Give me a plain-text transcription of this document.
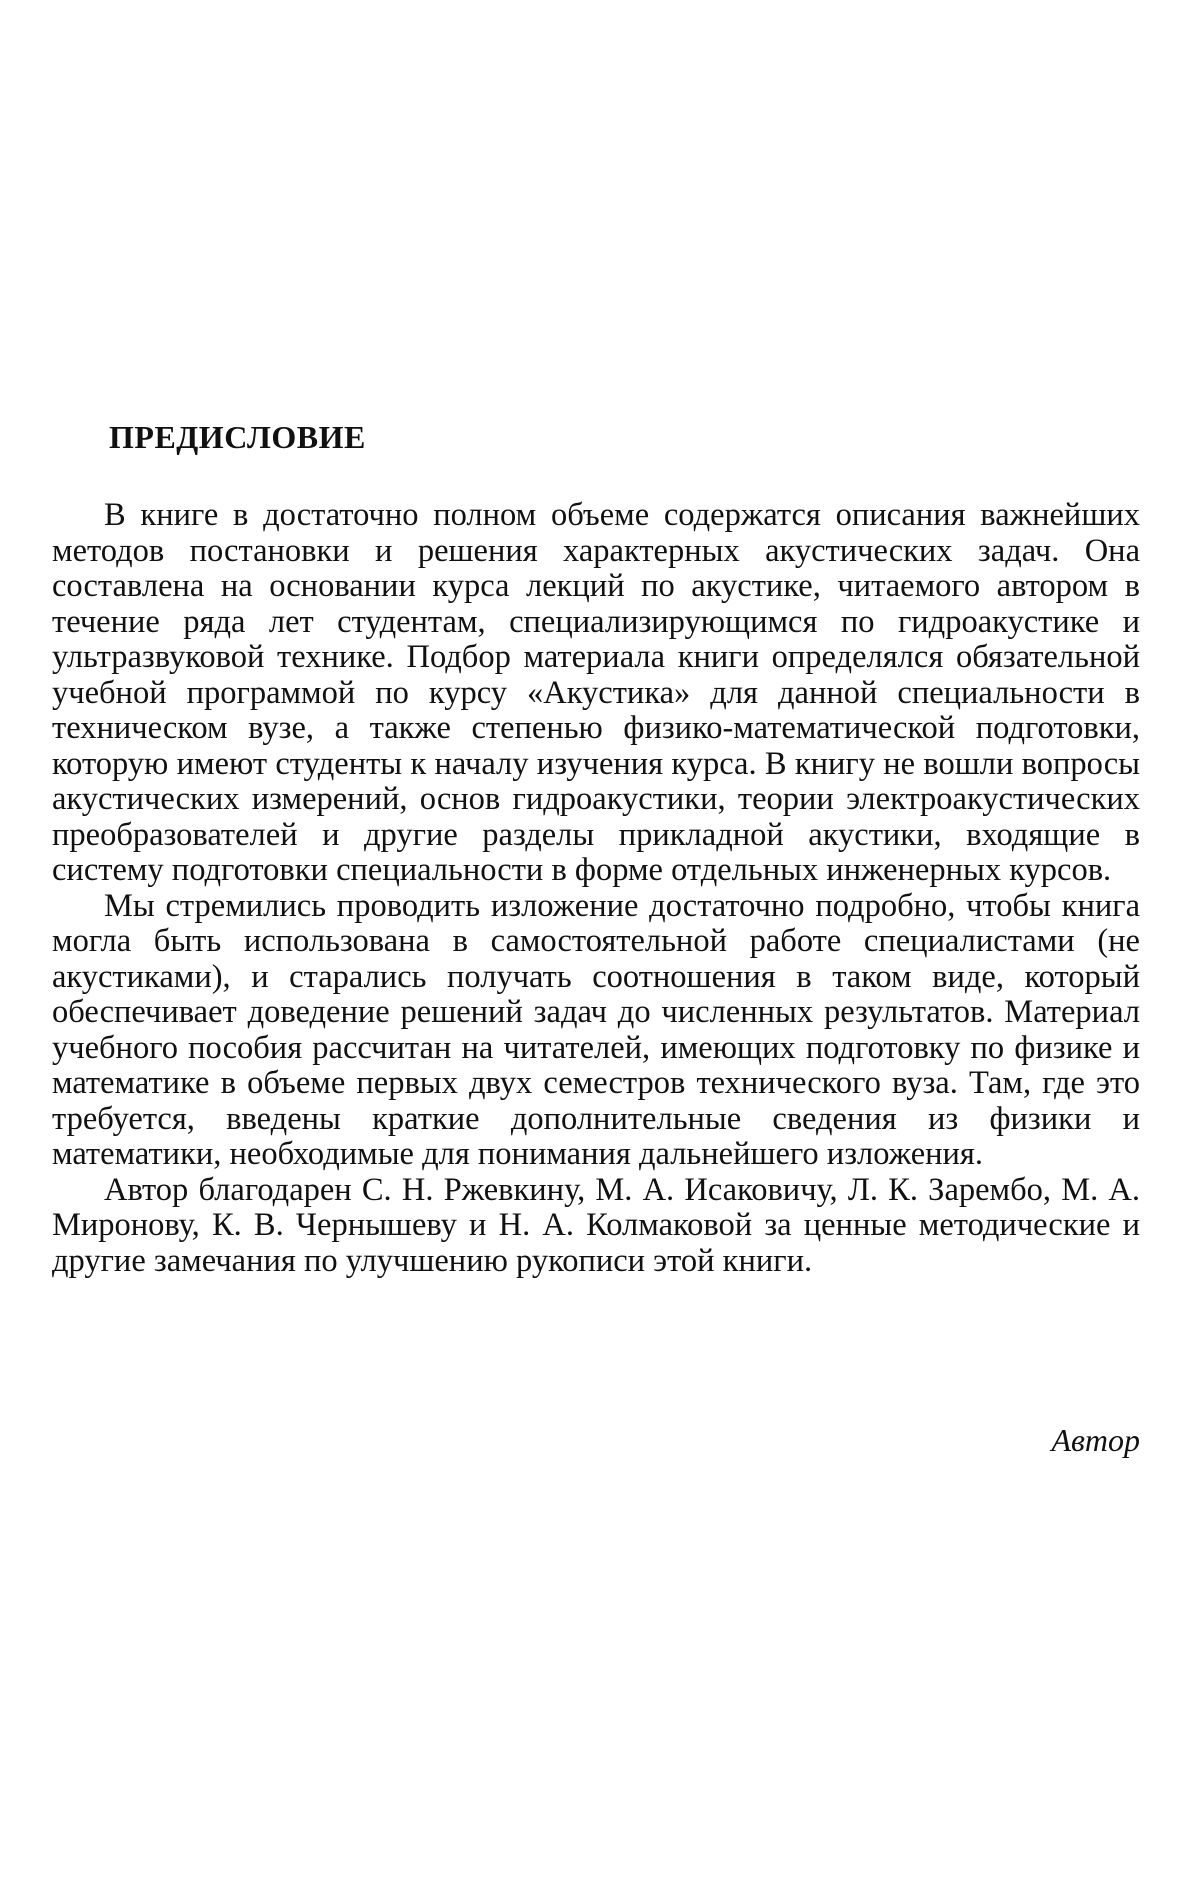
ПРЕДИСЛОВИЕ

В книге в достаточно полном объеме содержатся описания важнейших методов постановки и решения характерных акустических задач. Она составлена на основании курса лекций по акустике, читаемого автором в течение ряда лет студентам, специализирующимся по гидроакустике и ультразвуковой технике. Подбор материала книги определялся обязательной учебной программой по курсу «Акустика» для данной специальности в техническом вузе, а также степенью физико-математической подготовки, которую имеют студенты к началу изучения курса. В книгу не вошли вопросы акустических измерений, основ гидроакустики, теории электроакустических преобразователей и другие разделы прикладной акустики, входящие в систему подготовки специальности в форме отдельных инженерных курсов.

Мы стремились проводить изложение достаточно подробно, чтобы книга могла быть использована в самостоятельной работе специалистами (не акустиками), и старались получать соотношения в таком виде, который обеспечивает доведение решений задач до численных результатов. Материал учебного пособия рассчитан на читателей, имеющих подготовку по физике и математике в объеме первых двух семестров технического вуза. Там, где это требуется, введены краткие дополнительные сведения из физики и математики, необходимые для понимания дальнейшего изложения.

Автор благодарен С. Н. Ржевкину, М. А. Исаковичу, Л. К. Зарембо, М. А. Миронову, К. В. Чернышеву и Н. А. Колмаковой за ценные методические и другие замечания по улучшению рукописи этой книги.

Автор
